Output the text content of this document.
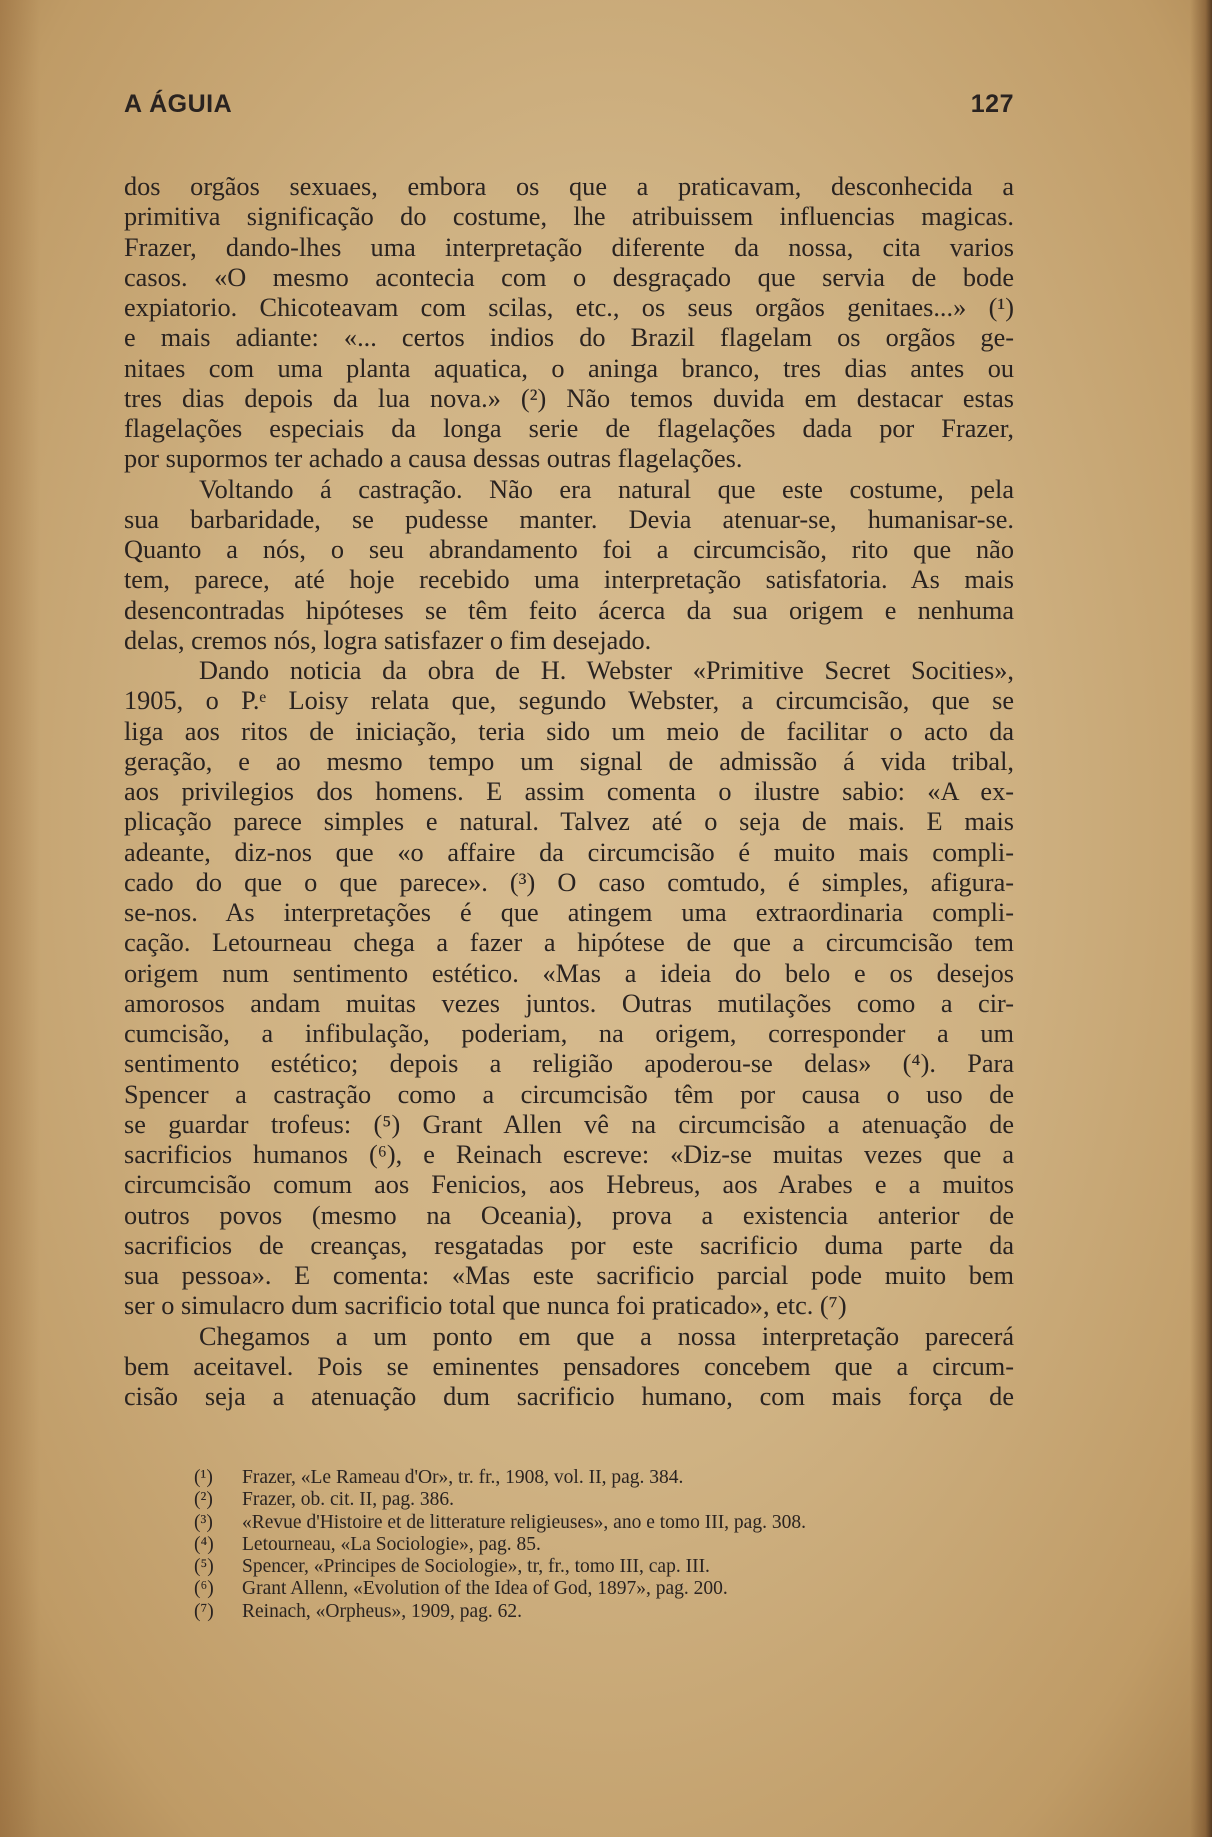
A ÁGUIA	127
dos orgãos sexuaes, embora os que a praticavam, desconhecida a
primitiva significação do costume, lhe atribuissem influencias magicas.
Frazer, dando-lhes uma interpretação diferente da nossa, cita varios
casos. «O mesmo acontecia com o desgraçado que servia de bode
expiatorio. Chicoteavam com scilas, etc., os seus orgãos genitaes...» (¹)
e mais adiante: «... certos indios do Brazil flagelam os orgãos ge-
nitaes com uma planta aquatica, o aninga branco, tres dias antes ou
tres dias depois da lua nova.» (²) Não temos duvida em destacar estas
flagelações especiais da longa serie de flagelações dada por Frazer,
por supormos ter achado a causa dessas outras flagelações.
Voltando á castração. Não era natural que este costume, pela
sua barbaridade, se pudesse manter. Devia atenuar-se, humanisar-se.
Quanto a nós, o seu abrandamento foi a circumcisão, rito que não
tem, parece, até hoje recebido uma interpretação satisfatoria. As mais
desencontradas hipóteses se têm feito ácerca da sua origem e nenhuma
delas, cremos nós, logra satisfazer o fim desejado.
Dando noticia da obra de H. Webster «Primitive Secret Socities»,
1905, o P.ᵉ Loisy relata que, segundo Webster, a circumcisão, que se
liga aos ritos de iniciação, teria sido um meio de facilitar o acto da
geração, e ao mesmo tempo um signal de admissão á vida tribal,
aos privilegios dos homens. E assim comenta o ilustre sabio: «A ex-
plicação parece simples e natural. Talvez até o seja de mais. E mais
adeante, diz-nos que «o affaire da circumcisão é muito mais compli-
cado do que o que parece». (³) O caso comtudo, é simples, afigura-
se-nos. As interpretações é que atingem uma extraordinaria compli-
cação. Letourneau chega a fazer a hipótese de que a circumcisão tem
origem num sentimento estético. «Mas a ideia do belo e os desejos
amorosos andam muitas vezes juntos. Outras mutilações como a cir-
cumcisão, a infibulação, poderiam, na origem, corresponder a um
sentimento estético; depois a religião apoderou-se delas» (⁴). Para
Spencer a castração como a circumcisão têm por causa o uso de
se guardar trofeus: (⁵) Grant Allen vê na circumcisão a atenuação de
sacrificios humanos (⁶), e Reinach escreve: «Diz-se muitas vezes que a
circumcisão comum aos Fenicios, aos Hebreus, aos Arabes e a muitos
outros povos (mesmo na Oceania), prova a existencia anterior de
sacrificios de creanças, resgatadas por este sacrificio duma parte da
sua pessoa». E comenta: «Mas este sacrificio parcial pode muito bem
ser o simulacro dum sacrificio total que nunca foi praticado», etc. (⁷)
Chegamos a um ponto em que a nossa interpretação parecerá
bem aceitavel. Pois se eminentes pensadores concebem que a circum-
cisão seja a atenuação dum sacrificio humano, com mais força de
(¹)	Frazer, «Le Rameau d'Or», tr. fr., 1908, vol. II, pag. 384.
(²)	Frazer, ob. cit. II, pag. 386.
(³)	«Revue d'Histoire et de litterature religieuses», ano e tomo III, pag. 308.
(⁴)	Letourneau, «La Sociologie», pag. 85.
(⁵)	Spencer, «Principes de Sociologie», tr, fr., tomo III, cap. III.
(⁶)	Grant Allenn, «Evolution of the Idea of God, 1897», pag. 200.
(⁷)	Reinach, «Orpheus», 1909, pag. 62.
